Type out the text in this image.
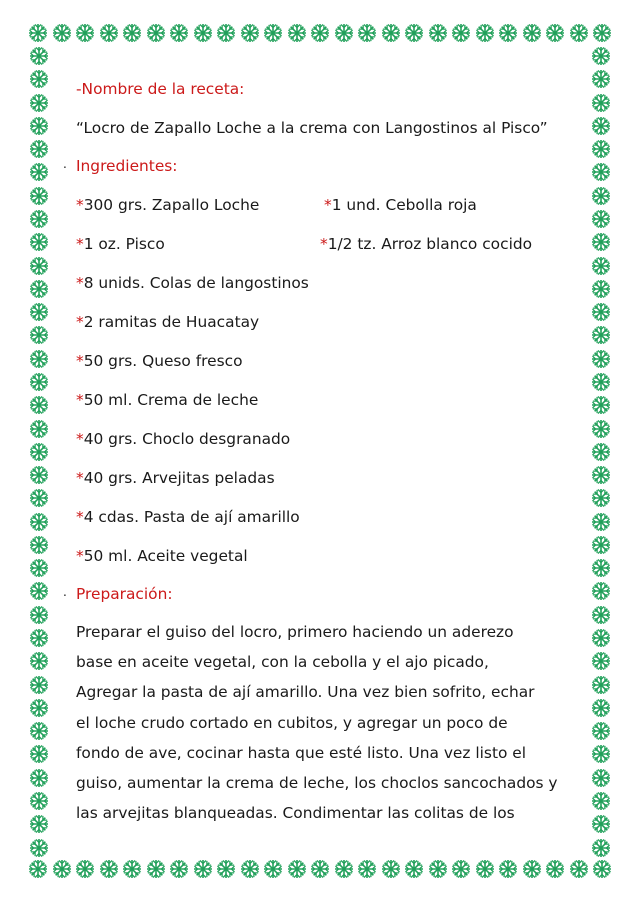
-Nombre de la receta:
“Locro de Zapallo Loche a la crema con Langostinos al Pisco”
. Ingredientes:
*300 grs. Zapallo Loche	*1 und. Cebolla roja
*1 oz. Pisco	*1/2 tz. Arroz blanco cocido
*8 unids. Colas de langostinos
*2 ramitas de Huacatay
*50 grs. Queso fresco
*50 ml. Crema de leche
*40 grs. Choclo desgranado
*40 grs. Arvejitas peladas
*4 cdas. Pasta de ají amarillo
*50 ml. Aceite vegetal
. Preparación:
Preparar el guiso del locro, primero haciendo un aderezo
base en aceite vegetal, con la cebolla y el ajo picado,
Agregar la pasta de ají amarillo. Una vez bien sofrito, echar
el loche crudo cortado en cubitos, y agregar un poco de
fondo de ave, cocinar hasta que esté listo. Una vez listo el
guiso, aumentar la crema de leche, los choclos sancochados y
las arvejitas blanqueadas. Condimentar las colitas de los
